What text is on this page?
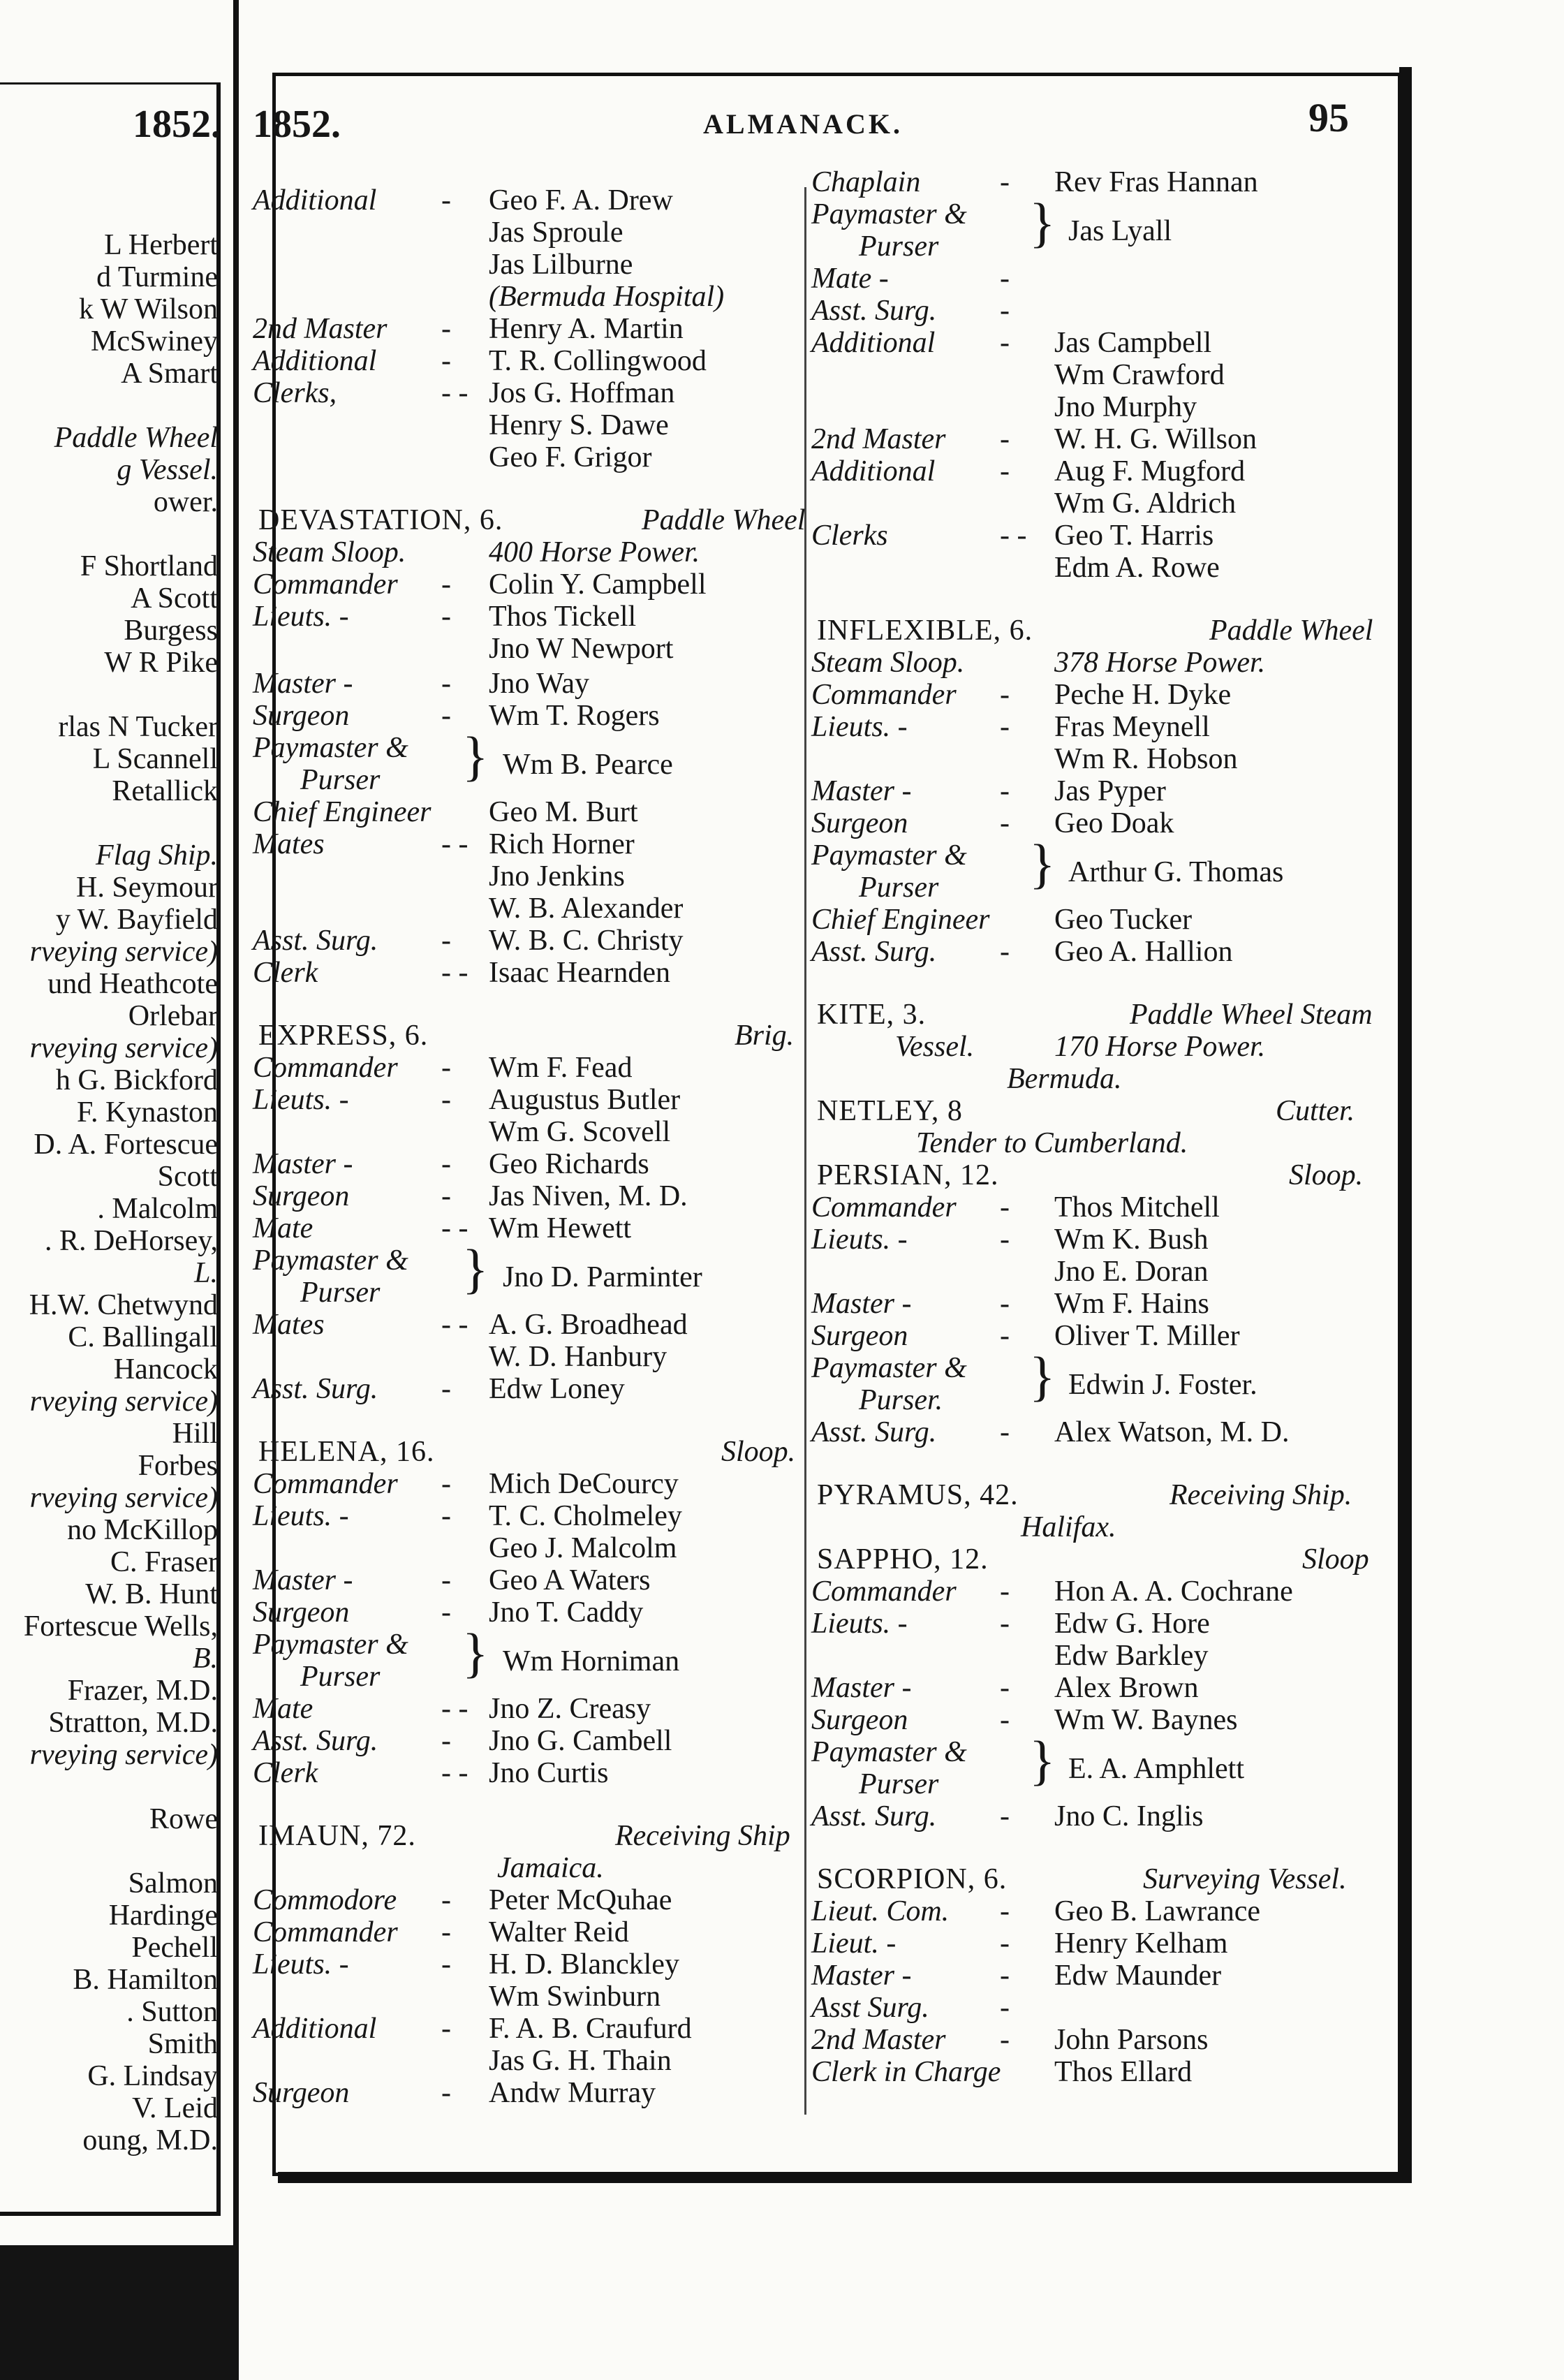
1852.
L Herbert
d Turmine
k W Wilson
McSwiney
A Smart
Paddle Wheel
g Vessel.
ower.
F Shortland
A Scott
Burgess
W R Pike
rlas N Tucker
L Scannell
Retallick
Flag Ship.
H. Seymour
y W. Bayfield
rveying service)
und Heathcote
Orlebar
rveying service)
h G. Bickford
F. Kynaston
D. A. Fortescue
Scott
. Malcolm
. R. DeHorsey,
L.
H.W. Chetwynd
C. Ballingall
Hancock
rveying service)
Hill
Forbes
rveying service)
no McKillop
C. Fraser
W. B. Hunt
Fortescue Wells,
B.
Frazer, M.D.
Stratton, M.D.
rveying service)
Rowe
Salmon
Hardinge
Pechell
B. Hamilton
. Sutton
Smith
G. Lindsay
V. Leid
oung, M.D.
1852.	ALMANACK.	95
Additional - Geo F. A. Drew
Jas Sproule
Jas Lilburne
(Bermuda Hospital)
2nd Master - Henry A. Martin
Additional - T. R. Collingwood
Clerks,	- - Jos G. Hoffman
Henry S. Dawe
Geo F. Grigor
DEVASTATION, 6.	Paddle Wheel
Steam Sloop.	400 Horse Power.
Commander - Colin Y. Campbell
Lieuts. -	- Thos Tickell
Jno W Newport
Master -	- Jno Way
Surgeon	- Wm T. Rogers
Paymaster & } Wm B. Pearce
Purser
Chief Engineer Geo M. Burt
Mates	- - Rich Horner
Jno Jenkins
W. B. Alexander
Asst. Surg. - W. B. C. Christy
Clerk	- - Isaac Hearnden
EXPRESS, 6.	Brig.
Commander - Wm F. Fead
Lieuts. -	- Augustus Butler
Wm G. Scovell
Master -	- Geo Richards
Surgeon	- Jas Niven, M. D.
Mate	- - Wm Hewett
Paymaster & } Jno D. Parminter
Purser
Mates	- - A. G. Broadhead
W. D. Hanbury
Asst. Surg. - Edw Loney
HELENA, 16.	Sloop.
Commander - Mich DeCourcy
Lieuts. -	- T. C. Cholmeley
Geo J. Malcolm
Master -	- Geo A Waters
Surgeon	- Jno T. Caddy
Paymaster & } Wm Horniman
Purser
Mate	- - Jno Z. Creasy
Asst. Surg. - Jno G. Cambell
Clerk	- - Jno Curtis
IMAUN, 72.	Receiving Ship
Jamaica.
Commodore - Peter McQuhae
Commander - Walter Reid
Lieuts. -	- H. D. Blanckley
Wm Swinburn
Additional - F. A. B. Craufurd
Jas G. H. Thain
Surgeon	- Andw Murray
Chaplain	- Rev Fras Hannan
Paymaster & } Jas Lyall
Purser
Mate -	-
Asst. Surg. -
Additional - Jas Campbell
Wm Crawford
Jno Murphy
2nd Master - W. H. G. Willson
Additional - Aug F. Mugford
Wm G. Aldrich
Clerks	- - Geo T. Harris
Edm A. Rowe
INFLEXIBLE, 6.	Paddle Wheel
Steam Sloop.	378 Horse Power.
Commander - Peche H. Dyke
Lieuts. -	- Fras Meynell
Wm R. Hobson
Master -	- Jas Pyper
Surgeon	- Geo Doak
Paymaster & } Arthur G. Thomas
Purser
Chief Engineer Geo Tucker
Asst. Surg. - Geo A. Hallion
KITE, 3.	Paddle Wheel Steam
Vessel.	170 Horse Power.
Bermuda.
NETLEY, 8	Cutter.
Tender to Cumberland.
PERSIAN, 12.	Sloop.
Commander - Thos Mitchell
Lieuts. -	- Wm K. Bush
Jno E. Doran
Master -	- Wm F. Hains
Surgeon	- Oliver T. Miller
Paymaster & } Edwin J. Foster.
Purser.
Asst. Surg. - Alex Watson, M. D.
PYRAMUS, 42.	Receiving Ship.
Halifax.
SAPPHO, 12.	Sloop
Commander - Hon A. A. Cochrane
Lieuts. -	- Edw G. Hore
Edw Barkley
Master -	- Alex Brown
Surgeon	- Wm W. Baynes
Paymaster & } E. A. Amphlett
Purser
Asst. Surg. - Jno C. Inglis
SCORPION, 6.	Surveying Vessel.
Lieut. Com. - Geo B. Lawrance
Lieut. -	- Henry Kelham
Master -	- Edw Maunder
Asst Surg. -
2nd Master - John Parsons
Clerk in Charge Thos Ellard
